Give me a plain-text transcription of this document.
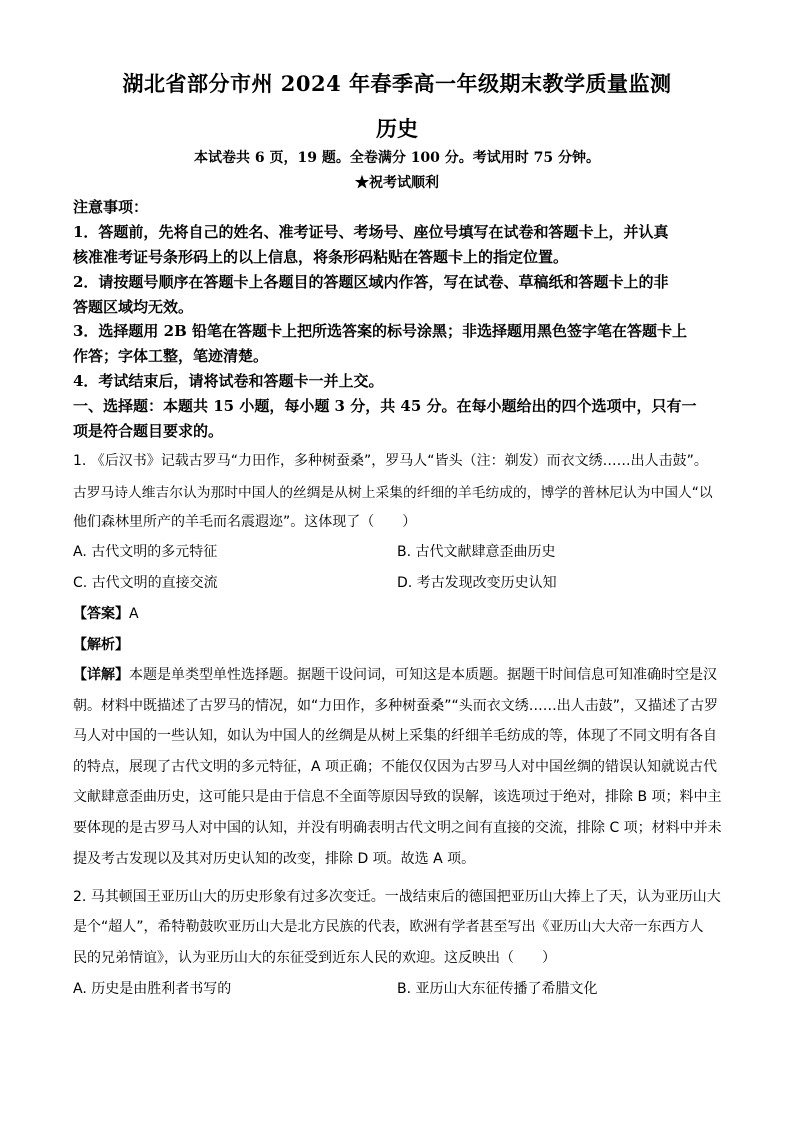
湖北省部分市州 2024 年春季高一年级期末教学质量监测
历史
本试卷共 6 页，19 题。全卷满分 100 分。考试用时 75 分钟。
★祝考试顺利
注意事项：
1．答题前，先将自己的姓名、准考证号、考场号、座位号填写在试卷和答题卡上，并认真
核准准考证号条形码上的以上信息，将条形码粘贴在答题卡上的指定位置。
2．请按题号顺序在答题卡上各题目的答题区域内作答，写在试卷、草稿纸和答题卡上的非
答题区域均无效。
3．选择题用 2B 铅笔在答题卡上把所选答案的标号涂黑；非选择题用黑色签字笔在答题卡上
作答；字体工整，笔迹清楚。
4．考试结束后，请将试卷和答题卡一并上交。
一、选择题：本题共 15 小题，每小题 3 分，共 45 分。在每小题给出的四个选项中，只有一
项是符合题目要求的。
1. 《后汉书》记载古罗马“力田作，多种树蚕桑”，罗马人“皆头（注：剃发）而衣文绣……出人击鼓”。
古罗马诗人维吉尔认为那时中国人的丝绸是从树上采集的纤细的羊毛纺成的，博学的普林尼认为中国人“以
他们森林里所产的羊毛而名震遐迩”。这体现了（　　）
A. 古代文明的多元特征	B. 古代文献肆意歪曲历史
C. 古代文明的直接交流	D. 考古发现改变历史认知
【答案】A
【解析】
【详解】本题是单类型单性选择题。据题干设问词，可知这是本质题。据题干时间信息可知准确时空是汉
朝。材料中既描述了古罗马的情况，如“力田作，多种树蚕桑”“头而衣文绣……出人击鼓”，又描述了古罗
马人对中国的一些认知，如认为中国人的丝绸是从树上采集的纤细羊毛纺成的等，体现了不同文明有各自
的特点，展现了古代文明的多元特征，A 项正确；不能仅仅因为古罗马人对中国丝绸的错误认知就说古代
文献肆意歪曲历史，这可能只是由于信息不全面等原因导致的误解，该选项过于绝对，排除 B 项；料中主
要体现的是古罗马人对中国的认知，并没有明确表明古代文明之间有直接的交流，排除 C 项；材料中并未
提及考古发现以及其对历史认知的改变，排除 D 项。故选 A 项。
2. 马其顿国王亚历山大的历史形象有过多次变迁。一战结束后的德国把亚历山大捧上了天，认为亚历山大
是个“超人”，希特勒鼓吹亚历山大是北方民族的代表，欧洲有学者甚至写出《亚历山大大帝一东西方人
民的兄弟情谊》，认为亚历山大的东征受到近东人民的欢迎。这反映出（　　）
A. 历史是由胜利者书写的	B. 亚历山大东征传播了希腊文化
